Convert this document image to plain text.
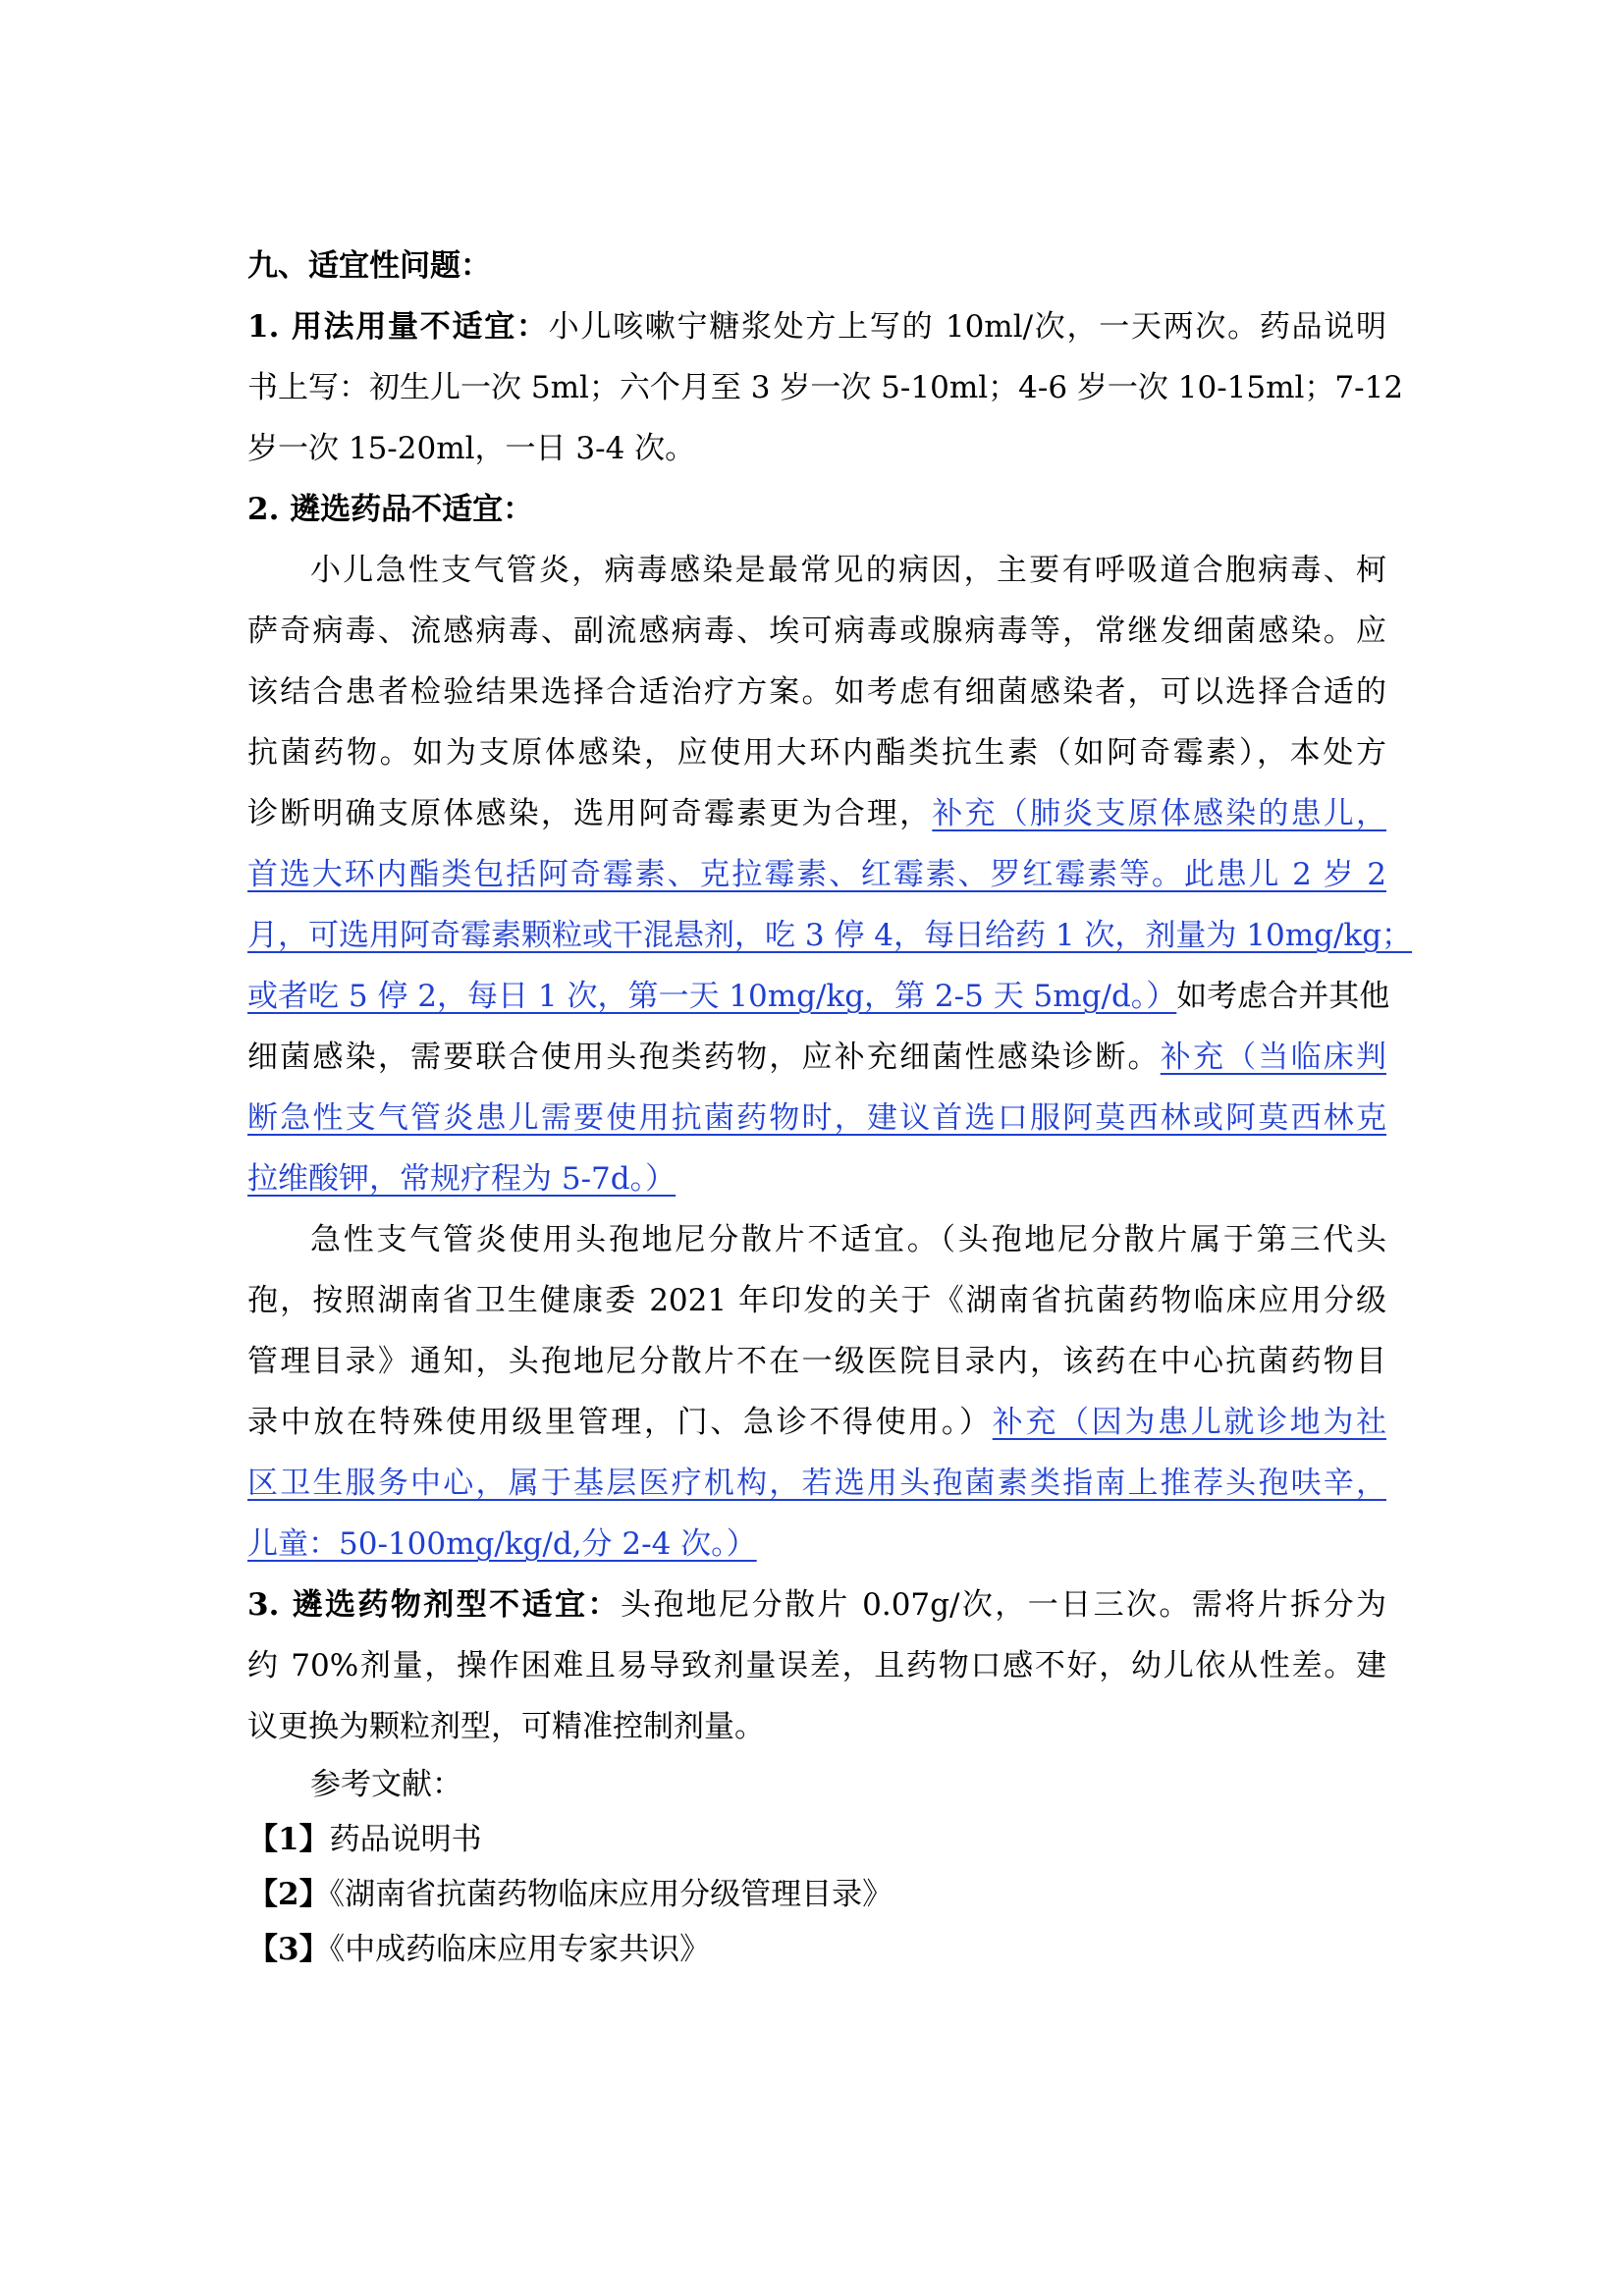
九、适宜性问题：
1. 用法用量不适宜：小儿咳嗽宁糖浆处方上写的 10ml/次，一天两次。药品说明
书上写：初生儿一次 5ml；六个月至 3 岁一次 5-10ml；4-6 岁一次 10-15ml；7-12
岁一次 15-20ml，一日 3-4 次。
2. 遴选药品不适宜：
小儿急性支气管炎，病毒感染是最常见的病因，主要有呼吸道合胞病毒、柯
萨奇病毒、流感病毒、副流感病毒、埃可病毒或腺病毒等，常继发细菌感染。应
该结合患者检验结果选择合适治疗方案。如考虑有细菌感染者，可以选择合适的
抗菌药物。如为支原体感染，应使用大环内酯类抗生素（如阿奇霉素），本处方
诊断明确支原体感染，选用阿奇霉素更为合理，补充（肺炎支原体感染的患儿，
首选大环内酯类包括阿奇霉素、克拉霉素、红霉素、罗红霉素等。此患儿 2 岁 2
月，可选用阿奇霉素颗粒或干混悬剂，吃 3 停 4，每日给药 1 次，剂量为 10mg/kg；
或者吃 5 停 2，每日 1 次，第一天 10mg/kg，第 2-5 天 5mg/d。）如考虑合并其他
细菌感染，需要联合使用头孢类药物，应补充细菌性感染诊断。补充（当临床判
断急性支气管炎患儿需要使用抗菌药物时，建议首选口服阿莫西林或阿莫西林克
拉维酸钾，常规疗程为 5-7d。）
急性支气管炎使用头孢地尼分散片不适宜。（头孢地尼分散片属于第三代头
孢，按照湖南省卫生健康委 2021 年印发的关于《湖南省抗菌药物临床应用分级
管理目录》通知，头孢地尼分散片不在一级医院目录内，该药在中心抗菌药物目
录中放在特殊使用级里管理，门、急诊不得使用。）补充（因为患儿就诊地为社
区卫生服务中心，属于基层医疗机构，若选用头孢菌素类指南上推荐头孢呋辛，
儿童：50-100mg/kg/d,分 2-4 次。）
3. 遴选药物剂型不适宜：头孢地尼分散片 0.07g/次，一日三次。需将片拆分为
约 70%剂量，操作困难且易导致剂量误差，且药物口感不好，幼儿依从性差。建
议更换为颗粒剂型，可精准控制剂量。
参考文献：
【1】药品说明书
【2】《湖南省抗菌药物临床应用分级管理目录》
【3】《中成药临床应用专家共识》
